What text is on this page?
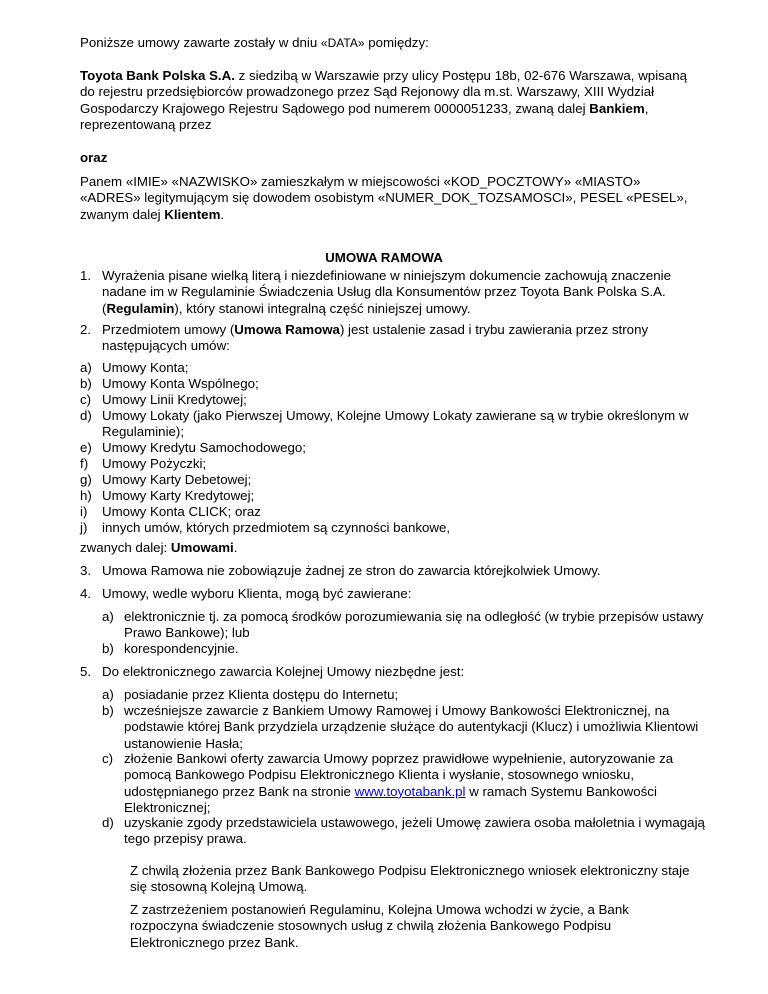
Poniższe umowy zawarte zostały w dniu «DATA» pomiędzy:

Toyota Bank Polska S.A. z siedzibą w Warszawie przy ulicy Postępu 18b, 02-676 Warszawa, wpisaną do rejestru przedsiębiorców prowadzonego przez Sąd Rejonowy dla m.st. Warszawy, XIII Wydział Gospodarczy Krajowego Rejestru Sądowego pod numerem 0000051233, zwaną dalej Bankiem, reprezentowaną przez

oraz

Panem «IMIE» «NAZWISKO» zamieszkałym w miejscowości «KOD_POCZTOWY» «MIASTO» «ADRES» legitymującym się dowodem osobistym «NUMER_DOK_TOZSAMOSCI», PESEL «PESEL», zwanym dalej Klientem.

UMOWA RAMOWA

1. Wyrażenia pisane wielką literą i niezdefiniowane w niniejszym dokumencie zachowują znaczenie nadane im w Regulaminie Świadczenia Usług dla Konsumentów przez Toyota Bank Polska S.A. (Regulamin), który stanowi integralną część niniejszej umowy.

2. Przedmiotem umowy (Umowa Ramowa) jest ustalenie zasad i trybu zawierania przez strony następujących umów:

a) Umowy Konta;

b) Umowy Konta Wspólnego;

c) Umowy Linii Kredytowej;

d) Umowy Lokaty (jako Pierwszej Umowy, Kolejne Umowy Lokaty zawierane są w trybie określonym w Regulaminie);

e) Umowy Kredytu Samochodowego;

f)	Umowy Pożyczki;

g) Umowy Karty Debetowej;

h) Umowy Karty Kredytowej;

i)	Umowy Konta CLICK; oraz

j)	innych umów, których przedmiotem są czynności bankowe,

zwanych dalej: Umowami.

3. Umowa Ramowa nie zobowiązuje żadnej ze stron do zawarcia którejkolwiek Umowy.

4. Umowy, wedle wyboru Klienta, mogą być zawierane:

a) elektronicznie tj. za pomocą środków porozumiewania się na odległość (w trybie przepisów ustawy Prawo Bankowe); lub

b) korespondencyjnie.

5. Do elektronicznego zawarcia Kolejnej Umowy niezbędne jest:

a) posiadanie przez Klienta dostępu do Internetu;

b) wcześniejsze zawarcie z Bankiem Umowy Ramowej i Umowy Bankowości Elektronicznej, na podstawie której Bank przydziela urządzenie służące do autentykacji (Klucz) i umożliwia Klientowi ustanowienie Hasła;

c) złożenie Bankowi oferty zawarcia Umowy poprzez prawidłowe wypełnienie, autoryzowanie za pomocą Bankowego Podpisu Elektronicznego Klienta i wysłanie, stosownego wniosku, udostępnianego przez Bank na stronie www.toyotabank.pl w ramach Systemu Bankowości Elektronicznej;

d) uzyskanie zgody przedstawiciela ustawowego, jeżeli Umowę zawiera osoba małoletnia i wymagają tego przepisy prawa.

Z chwilą złożenia przez Bank Bankowego Podpisu Elektronicznego wniosek elektroniczny staje się stosowną Kolejną Umową.

Z zastrzeżeniem postanowień Regulaminu, Kolejna Umowa wchodzi w życie, a Bank rozpoczyna świadczenie stosownych usług z chwilą złożenia Bankowego Podpisu Elektronicznego przez Bank.
